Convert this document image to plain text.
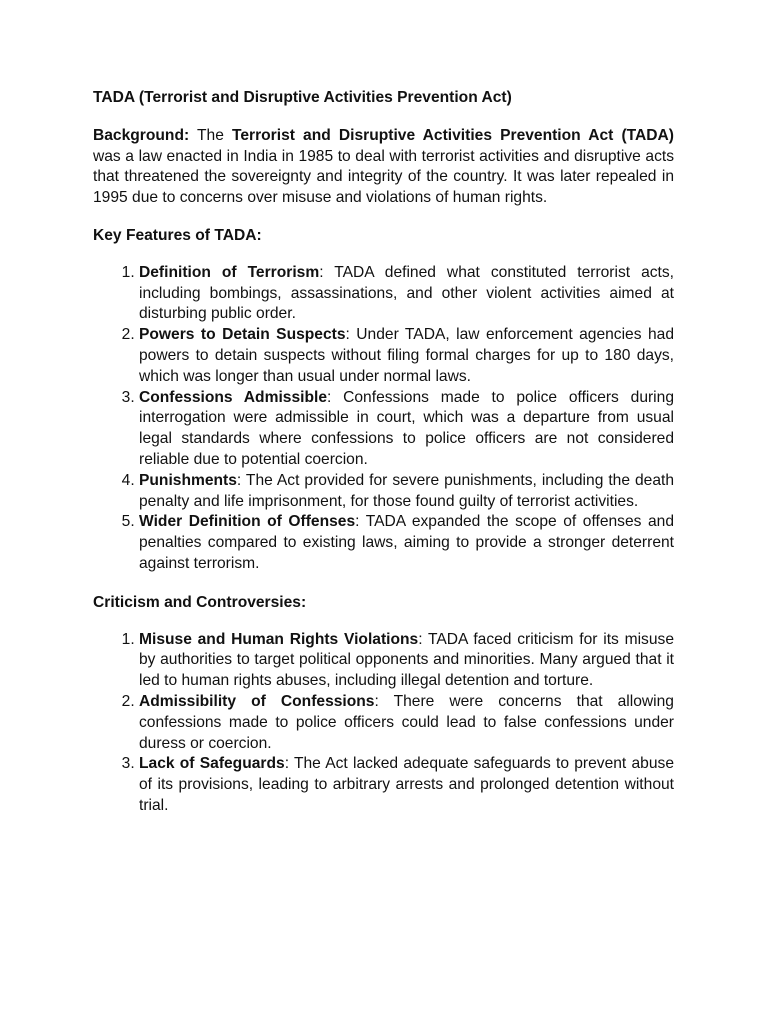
TADA (Terrorist and Disruptive Activities Prevention Act)

Background: The Terrorist and Disruptive Activities Prevention Act (TADA) was a law enacted in India in 1985 to deal with terrorist activities and disruptive acts that threatened the sovereignty and integrity of the country. It was later repealed in 1995 due to concerns over misuse and violations of human rights.

Key Features of TADA:
1. Definition of Terrorism: TADA defined what constituted terrorist acts, including bombings, assassinations, and other violent activities aimed at disturbing public order.
2. Powers to Detain Suspects: Under TADA, law enforcement agencies had powers to detain suspects without filing formal charges for up to 180 days, which was longer than usual under normal laws.
3. Confessions Admissible: Confessions made to police officers during interrogation were admissible in court, which was a departure from usual legal standards where confessions to police officers are not considered reliable due to potential coercion.
4. Punishments: The Act provided for severe punishments, including the death penalty and life imprisonment, for those found guilty of terrorist activities.
5. Wider Definition of Offenses: TADA expanded the scope of offenses and penalties compared to existing laws, aiming to provide a stronger deterrent against terrorism.
Criticism and Controversies:
1. Misuse and Human Rights Violations: TADA faced criticism for its misuse by authorities to target political opponents and minorities. Many argued that it led to human rights abuses, including illegal detention and torture.
2. Admissibility of Confessions: There were concerns that allowing confessions made to police officers could lead to false confessions under duress or coercion.
3. Lack of Safeguards: The Act lacked adequate safeguards to prevent abuse of its provisions, leading to arbitrary arrests and prolonged detention without trial.
